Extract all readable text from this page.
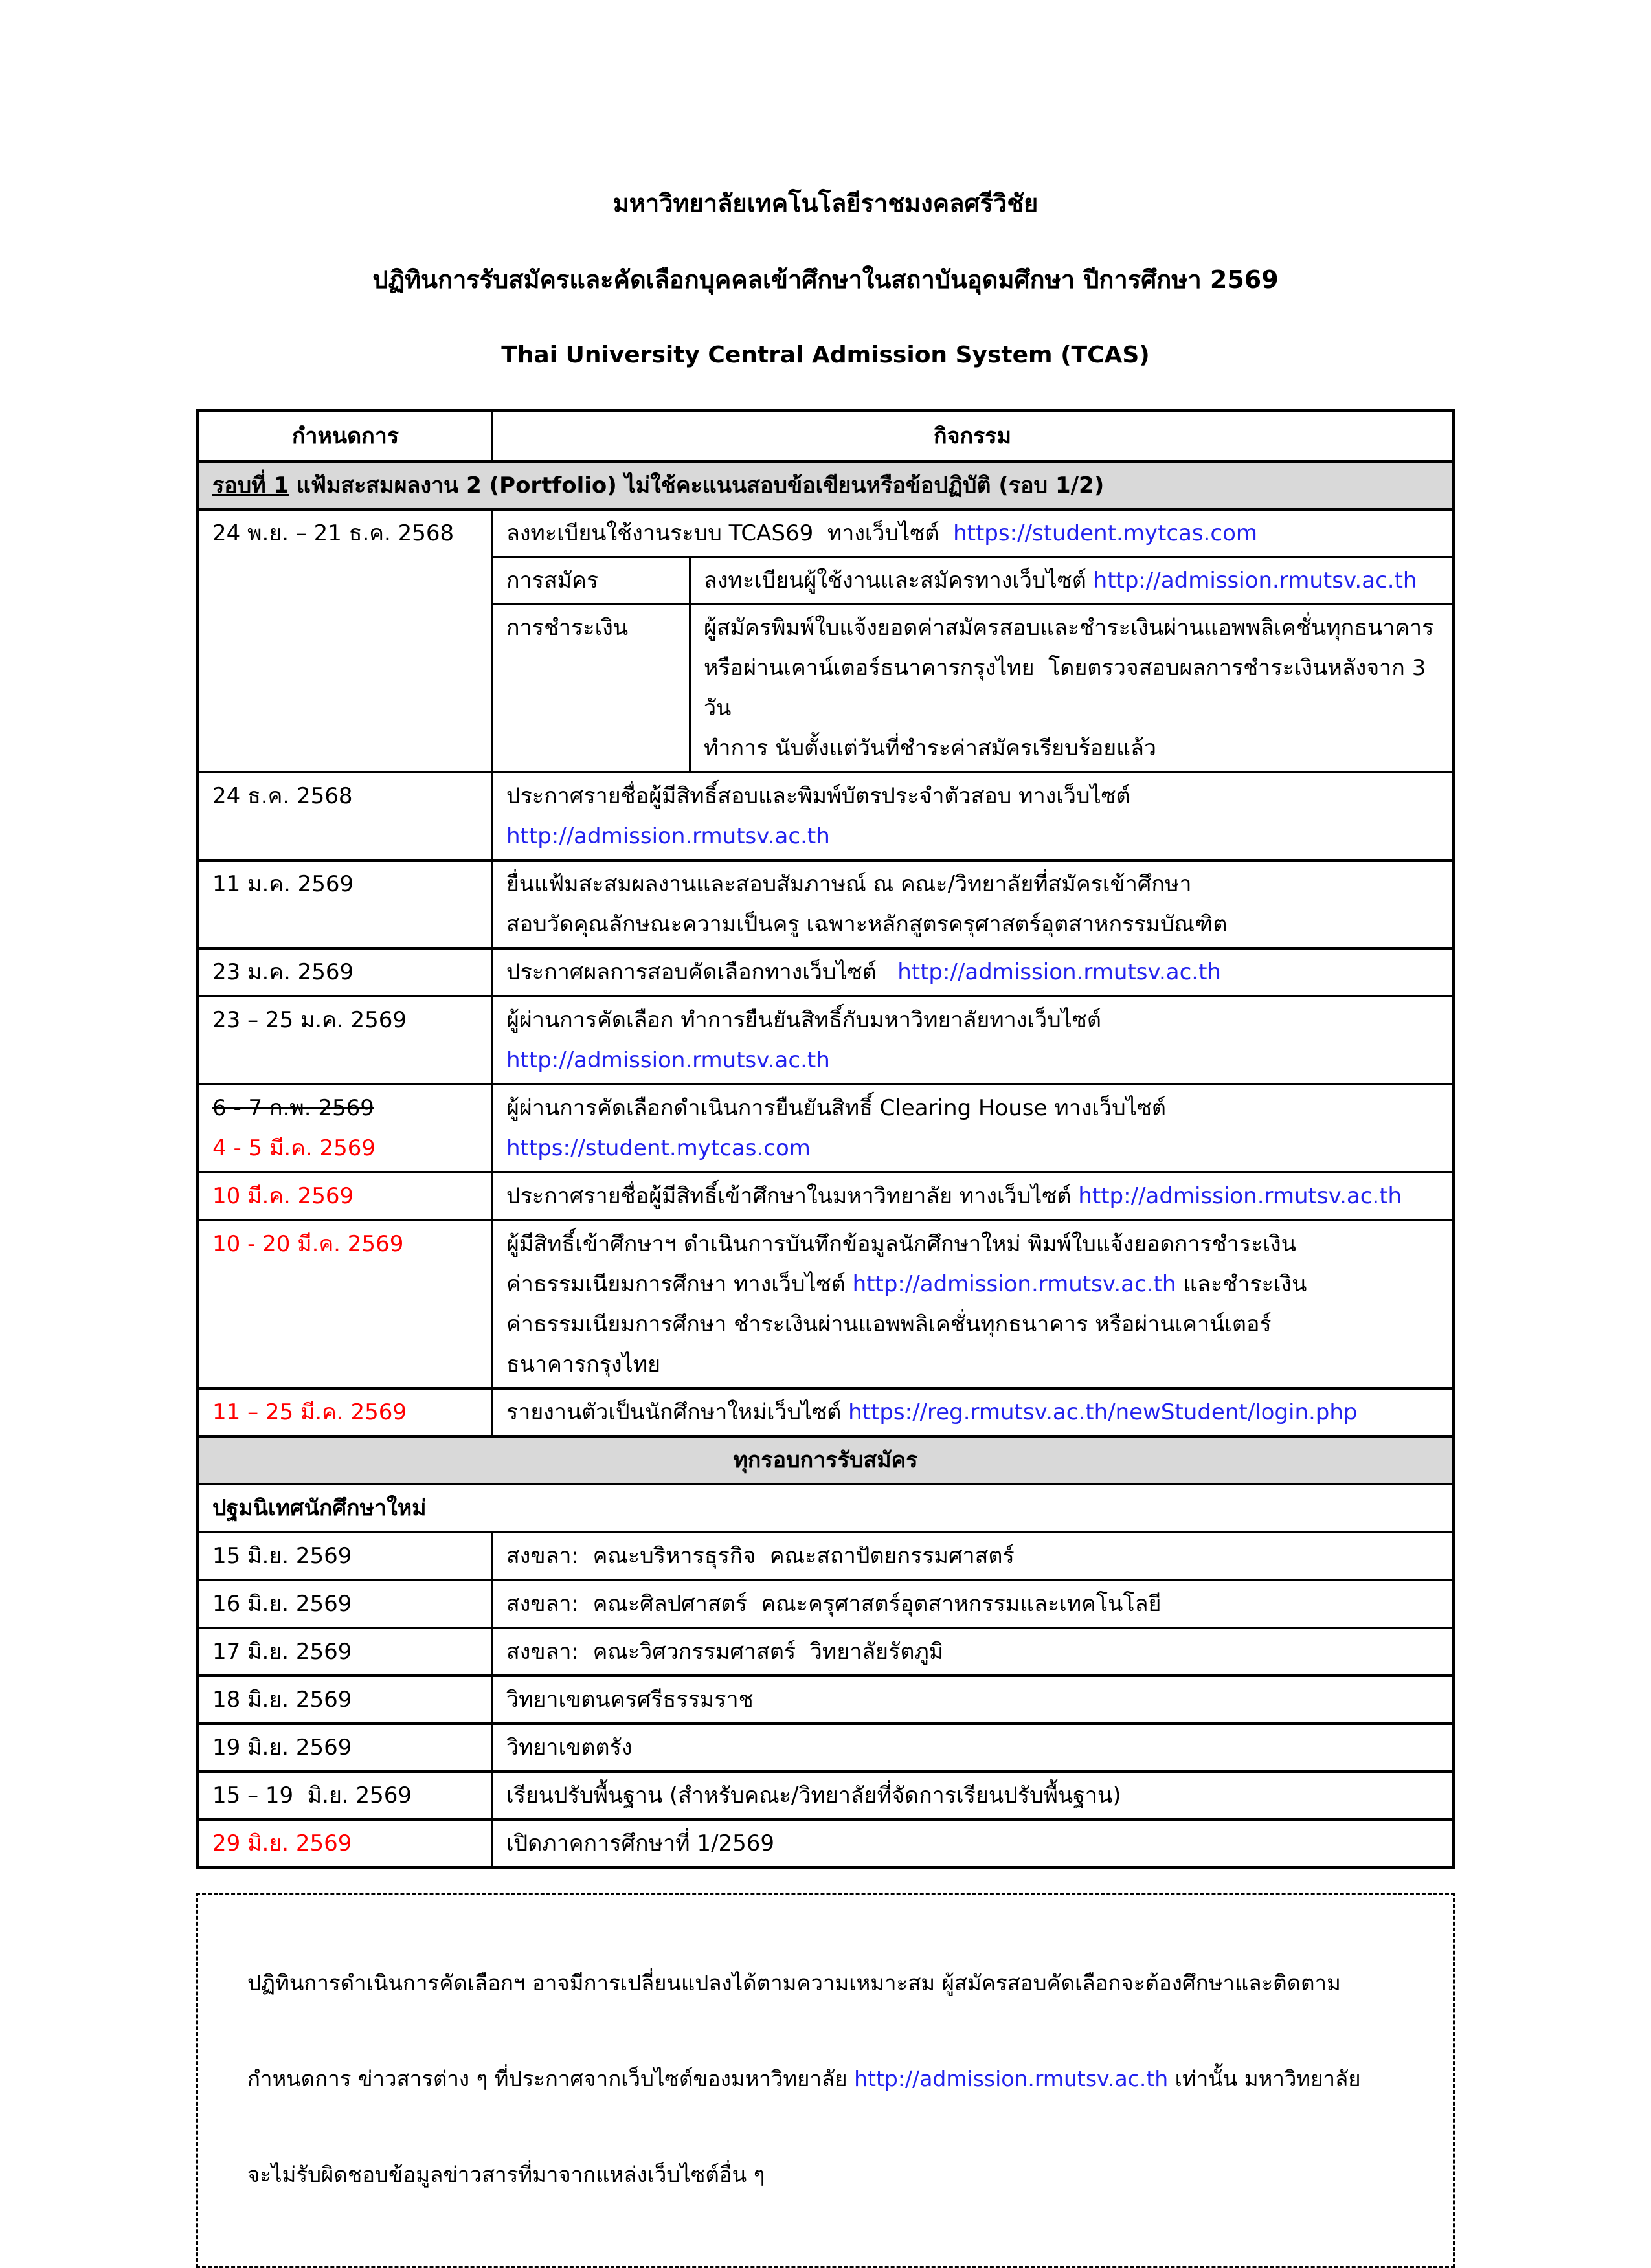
มหาวิทยาลัยเทคโนโลยีราชมงคลศรีวิชัย

ปฏิทินการรับสมัครและคัดเลือกบุคคลเข้าศึกษาในสถาบันอุดมศึกษา ปีการศึกษา 2569

Thai University Central Admission System (TCAS)

กำหนดการ	กิจกรรม	
รอบที่ 1 แฟ้มสะสมผลงาน 2 (Portfolio) ไม่ใช้คะแนนสอบข้อเขียนหรือข้อปฏิบัติ (รอบ 1/2)		
24 พ.ย. – 21 ธ.ค. 2568	ลงทะเบียนใช้งานระบบ TCAS69  ทางเว็บไซต์  https://student.mytcas.com	
	การสมัคร	ลงทะเบียนผู้ใช้งานและสมัครทางเว็บไซต์ http://admission.rmutsv.ac.th
	การชำระเงิน	ผู้สมัครพิมพ์ใบแจ้งยอดค่าสมัครสอบและชำระเงินผ่านแอพพลิเคชั่นทุกธนาคาร
หรือผ่านเคาน์เตอร์ธนาคารกรุงไทย  โดยตรวจสอบผลการชำระเงินหลังจาก 3 วัน
ทำการ นับตั้งแต่วันที่ชำระค่าสมัครเรียบร้อยแล้ว
24 ธ.ค. 2568	ประกาศรายชื่อผู้มีสิทธิ์สอบและพิมพ์บัตรประจำตัวสอบ ทางเว็บไซต์
http://admission.rmutsv.ac.th	
11 ม.ค. 2569	ยื่นแฟ้มสะสมผลงานและสอบสัมภาษณ์ ณ คณะ/วิทยาลัยที่สมัครเข้าศึกษา
สอบวัดคุณลักษณะความเป็นครู เฉพาะหลักสูตรครุศาสตร์อุตสาหกรรมบัณฑิต	
23 ม.ค. 2569	ประกาศผลการสอบคัดเลือกทางเว็บไซต์   http://admission.rmutsv.ac.th	
23 – 25 ม.ค. 2569	ผู้ผ่านการคัดเลือก ทำการยืนยันสิทธิ์กับมหาวิทยาลัยทางเว็บไซต์
http://admission.rmutsv.ac.th	
6 - 7 ก.พ. 2569
4 - 5 มี.ค. 2569	ผู้ผ่านการคัดเลือกดำเนินการยืนยันสิทธิ์ Clearing House ทางเว็บไซต์
https://student.mytcas.com	
10 มี.ค. 2569	ประกาศรายชื่อผู้มีสิทธิ์เข้าศึกษาในมหาวิทยาลัย ทางเว็บไซต์ http://admission.rmutsv.ac.th	
10 - 20 มี.ค. 2569	ผู้มีสิทธิ์เข้าศึกษาฯ ดำเนินการบันทึกข้อมูลนักศึกษาใหม่ พิมพ์ใบแจ้งยอดการชำระเงิน
ค่าธรรมเนียมการศึกษา ทางเว็บไซต์ http://admission.rmutsv.ac.th และชำระเงิน
ค่าธรรมเนียมการศึกษา ชำระเงินผ่านแอพพลิเคชั่นทุกธนาคาร หรือผ่านเคาน์เตอร์
ธนาคารกรุงไทย	
11 – 25 มี.ค. 2569	รายงานตัวเป็นนักศึกษาใหม่เว็บไซต์ https://reg.rmutsv.ac.th/newStudent/login.php	
ทุกรอบการรับสมัคร		
ปฐมนิเทศนักศึกษาใหม่		
15 มิ.ย. 2569	สงขลา:  คณะบริหารธุรกิจ  คณะสถาปัตยกรรมศาสตร์	
16 มิ.ย. 2569	สงขลา:  คณะศิลปศาสตร์  คณะครุศาสตร์อุตสาหกรรมและเทคโนโลยี	
17 มิ.ย. 2569	สงขลา:  คณะวิศวกรรมศาสตร์  วิทยาลัยรัตภูมิ	
18 มิ.ย. 2569	วิทยาเขตนครศรีธรรมราช	
19 มิ.ย. 2569	วิทยาเขตตรัง	
15 – 19  มิ.ย. 2569	เรียนปรับพื้นฐาน (สำหรับคณะ/วิทยาลัยที่จัดการเรียนปรับพื้นฐาน)	
29 มิ.ย. 2569	เปิดภาคการศึกษาที่ 1/2569	

ปฏิทินการดำเนินการคัดเลือกฯ อาจมีการเปลี่ยนแปลงได้ตามความเหมาะสม ผู้สมัครสอบคัดเลือกจะต้องศึกษาและติดตาม

กำหนดการ ข่าวสารต่าง ๆ ที่ประกาศจากเว็บไซต์ของมหาวิทยาลัย http://admission.rmutsv.ac.th เท่านั้น มหาวิทยาลัย

จะไม่รับผิดชอบข้อมูลข่าวสารที่มาจากแหล่งเว็บไซต์อื่น ๆ
